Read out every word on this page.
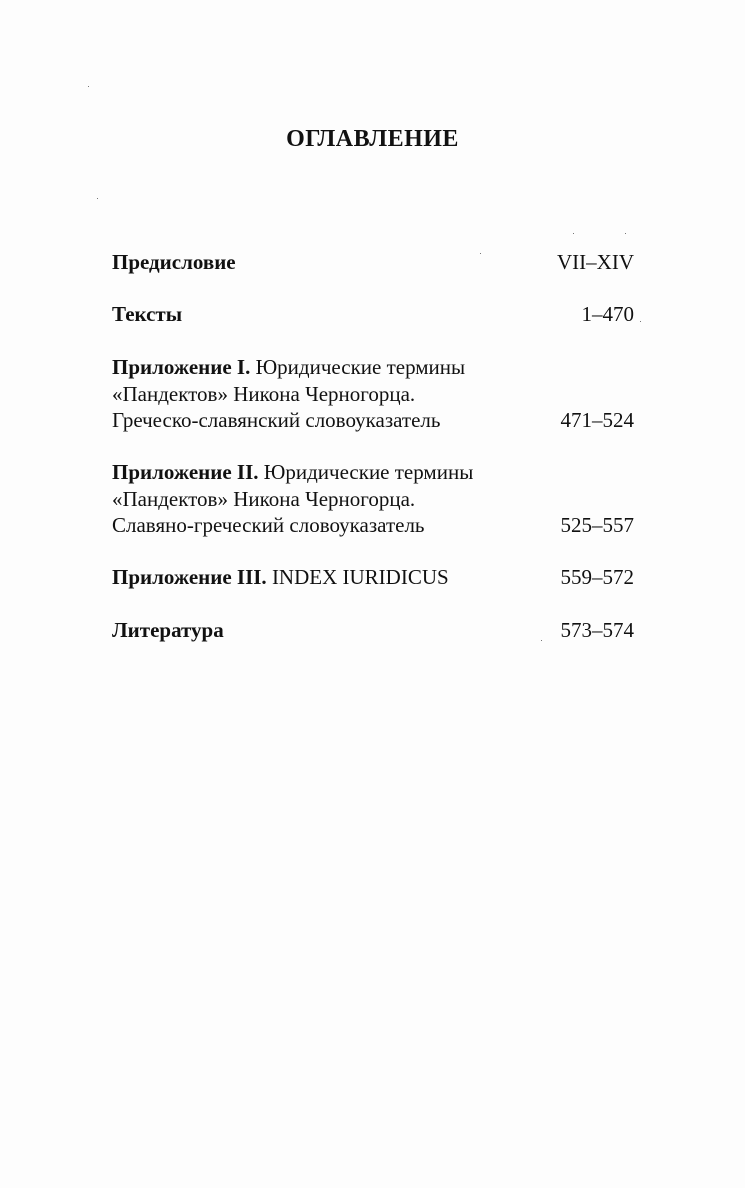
ОГЛАВЛЕНИЕ
Предисловие	VII–XIV
Тексты	1–470
Приложение I. Юридические термины
«Пандектов» Никона Черногорца.
Греческо-славянский словоуказатель	471–524
Приложение II. Юридические термины
«Пандектов» Никона Черногорца.
Славяно-греческий словоуказатель	525–557
Приложение III. INDEX IURIDICUS	559–572
Литература	573–574
